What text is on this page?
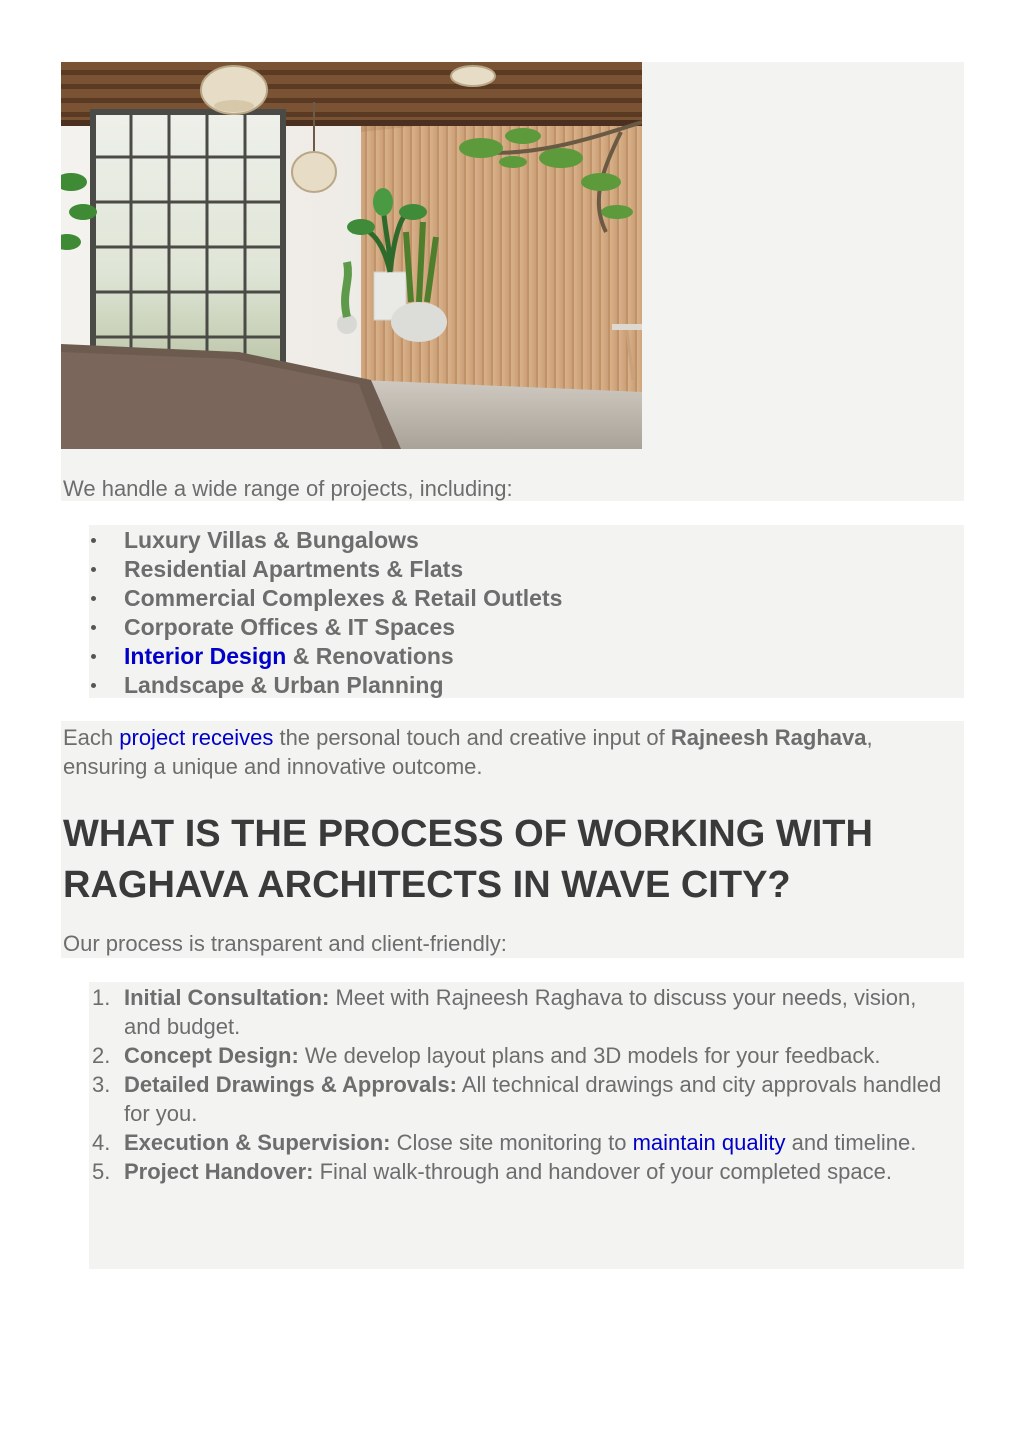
We handle a wide range of projects, including:
Luxury Villas & Bungalows
Residential Apartments & Flats
Commercial Complexes & Retail Outlets
Corporate Offices & IT Spaces
Interior Design & Renovations
Landscape & Urban Planning

Each project receives the personal touch and creative input of Rajneesh Raghava, ensuring a unique and innovative outcome.

WHAT IS THE PROCESS OF WORKING WITH RAGHAVA ARCHITECTS IN WAVE CITY?
Our process is transparent and client-friendly:
1. Initial Consultation: Meet with Rajneesh Raghava to discuss your needs, vision, and budget.
2. Concept Design: We develop layout plans and 3D models for your feedback.
3. Detailed Drawings & Approvals: All technical drawings and city approvals handled for you.
4. Execution & Supervision: Close site monitoring to maintain quality and timeline.
5. Project Handover: Final walk-through and handover of your completed space.
